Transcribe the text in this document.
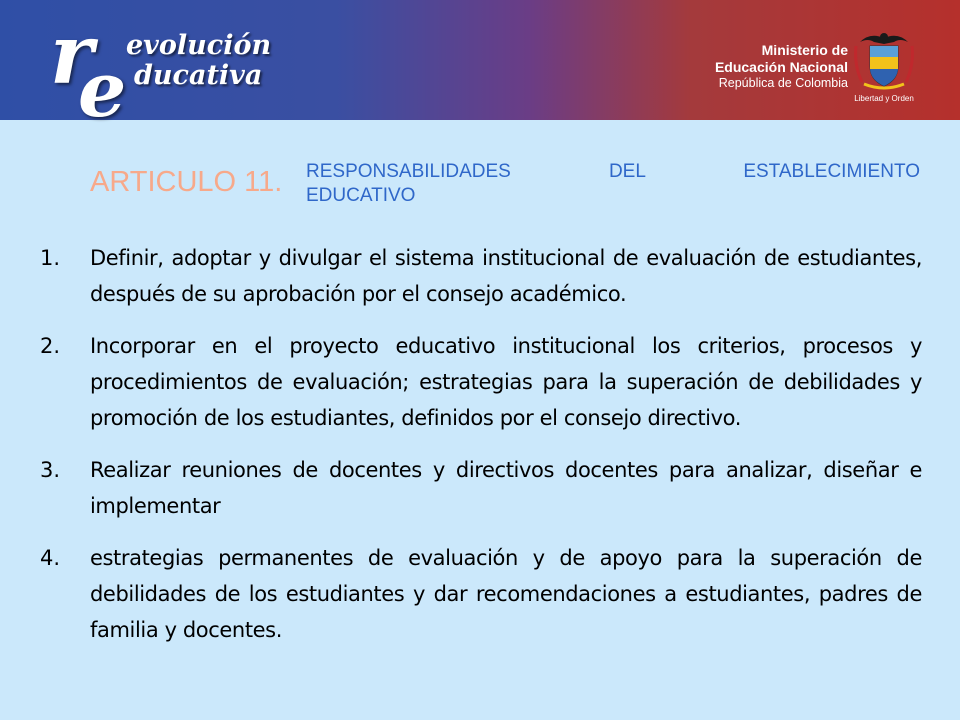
r
e evolución
ducativa
Ministerio de
Educación Nacional
República de Colombia
Libertad y Orden
ARTICULO 11. RESPONSABILIDADES DEL ESTABLECIMIENTO
EDUCATIVO
1. Definir, adoptar y divulgar el sistema institucional de evaluación de estudiantes, después de su aprobación por el consejo académico.
2. Incorporar en el proyecto educativo institucional los criterios, procesos y procedimientos de evaluación; estrategias para la superación de debilidades y promoción de los estudiantes, definidos por el consejo directivo.
3. Realizar reuniones de docentes y directivos docentes para analizar, diseñar e implementar
4. estrategias permanentes de evaluación y de apoyo para la superación de debilidades de los estudiantes y dar recomendaciones a estudiantes, padres de familia y docentes.
